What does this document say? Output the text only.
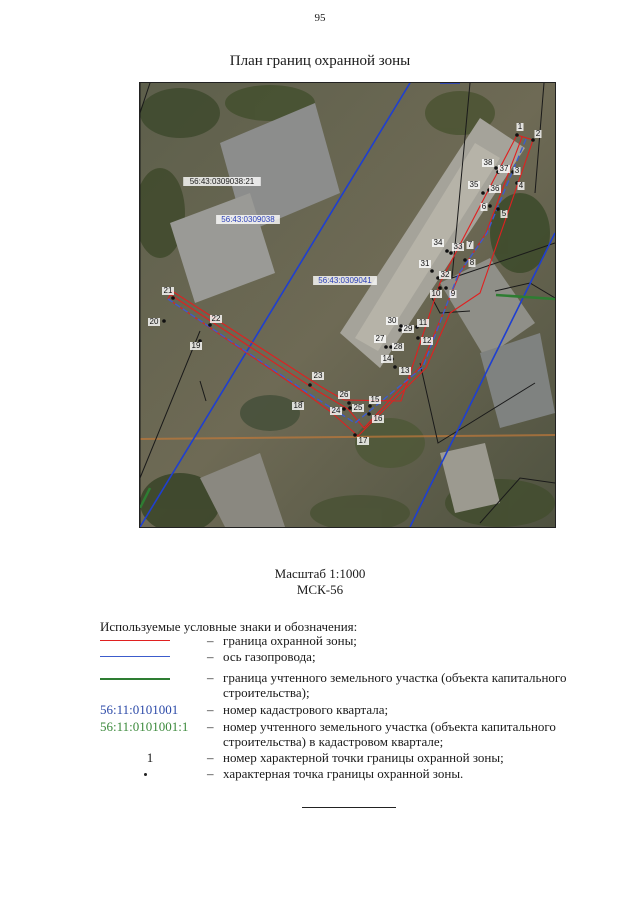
95
План границ охранной зоны
1
2
3
4
5
6
7
8
9
10
11
12
13
14
15
16
17
18
19
20
21
22
23
24 25
26
27
28
29
30
31
32
33
34
35 36
37
38
56:43:0309038:21
56:43:0309038
56:43:0309041
Масштаб 1:1000
МСК-56
Используемые условные знаки и обозначения:
– граница охранной зоны;
– ось газопровода;
– граница учтенного земельного участка (объекта капитального строительства);
56:11:0101001	– номер кадастрового квартала;
56:11:0101001:1	– номер учтенного земельного участка (объекта капитального строительства) в кадастровом квартале;
1	– номер характерной точки границы охранной зоны;
– характерная точка границы охранной зоны.
